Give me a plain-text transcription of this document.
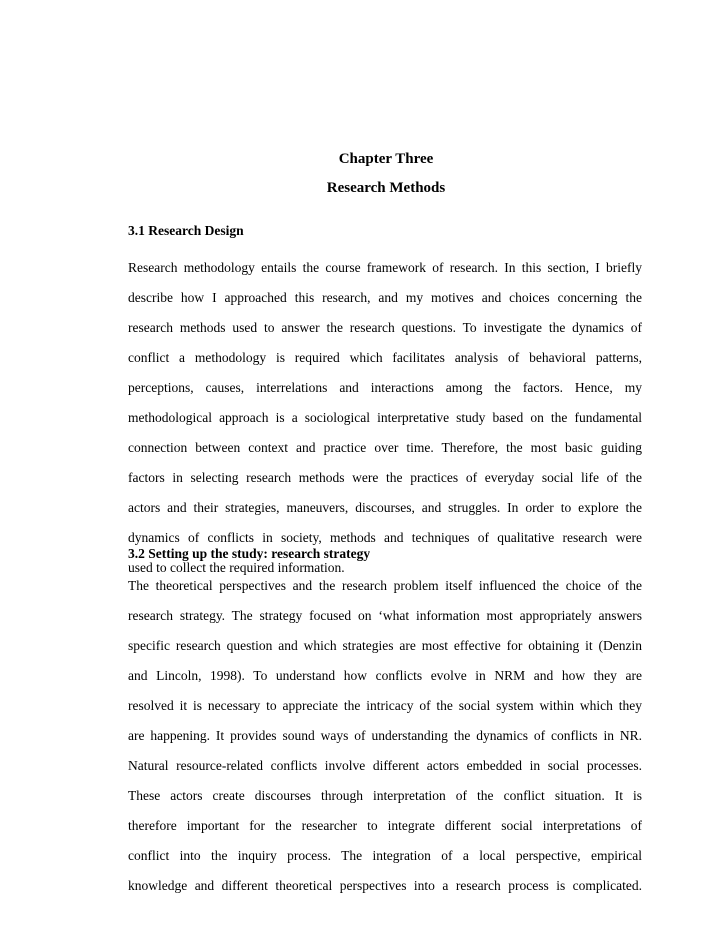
Chapter Three
Research Methods
3.1 Research Design
Research methodology entails the course framework of research. In this section, I briefly
describe how I approached this research, and my motives and choices concerning the
research methods used to answer the research questions. To investigate the dynamics of
conflict a methodology is required which facilitates analysis of behavioral patterns,
perceptions, causes, interrelations and interactions among the factors. Hence, my
methodological approach is a sociological interpretative study based on the fundamental
connection between context and practice over time. Therefore, the most basic guiding
factors in selecting research methods were the practices of everyday social life of the
actors and their strategies, maneuvers, discourses, and struggles. In order to explore the
dynamics of conflicts in society, methods and techniques of qualitative research were
used to collect the required information.
3.2 Setting up the study: research strategy
The theoretical perspectives and the research problem itself influenced the choice of the
research strategy. The strategy focused on ‘what information most appropriately answers
specific research question and which strategies are most effective for obtaining it (Denzin
and Lincoln, 1998). To understand how conflicts evolve in NRM and how they are
resolved it is necessary to appreciate the intricacy of the social system within which they
are happening. It provides sound ways of understanding the dynamics of conflicts in NR.
Natural resource-related conflicts involve different actors embedded in social processes.
These actors create discourses through interpretation of the conflict situation. It is
therefore important for the researcher to integrate different social interpretations of
conflict into the inquiry process. The integration of a local perspective, empirical
knowledge and different theoretical perspectives into a research process is complicated.
